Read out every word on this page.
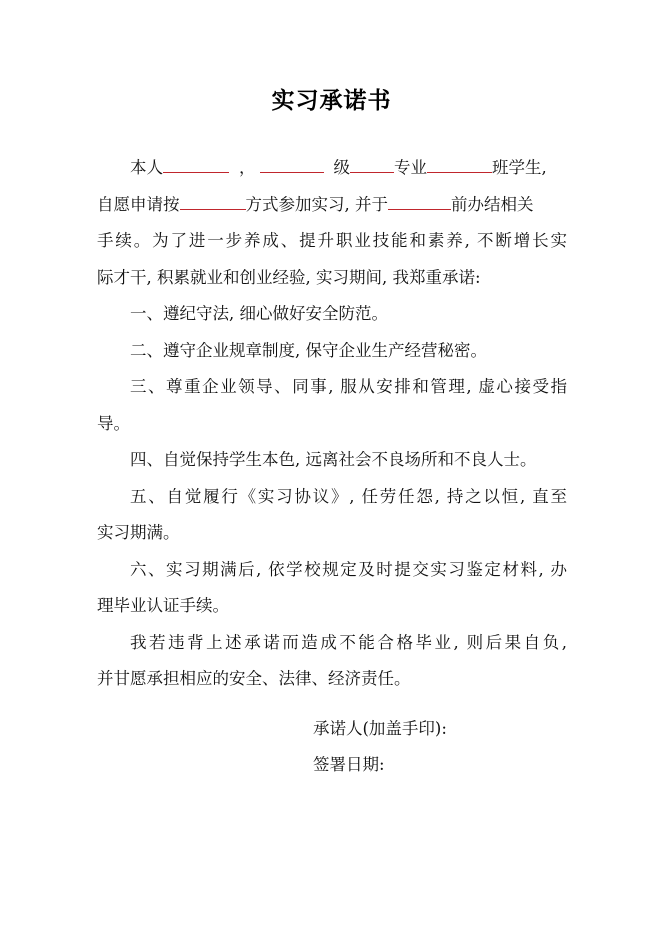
实习承诺书
本人	，	级	专业	班学生,
自愿申请按	方式参加实习, 并于	前办结相关
手续。为了进一步养成、提升职业技能和素养, 不断增长实
际才干, 积累就业和创业经验, 实习期间, 我郑重承诺:
一、遵纪守法, 细心做好安全防范。
二、遵守企业规章制度, 保守企业生产经营秘密。
三、尊重企业领导、同事, 服从安排和管理, 虚心接受指
导。
四、自觉保持学生本色, 远离社会不良场所和不良人士。
五、自觉履行《实习协议》, 任劳任怨, 持之以恒, 直至
实习期满。
六、实习期满后, 依学校规定及时提交实习鉴定材料, 办
理毕业认证手续。
我若违背上述承诺而造成不能合格毕业, 则后果自负,
并甘愿承担相应的安全、法律、经济责任。
承诺人(加盖手印):
签署日期:
